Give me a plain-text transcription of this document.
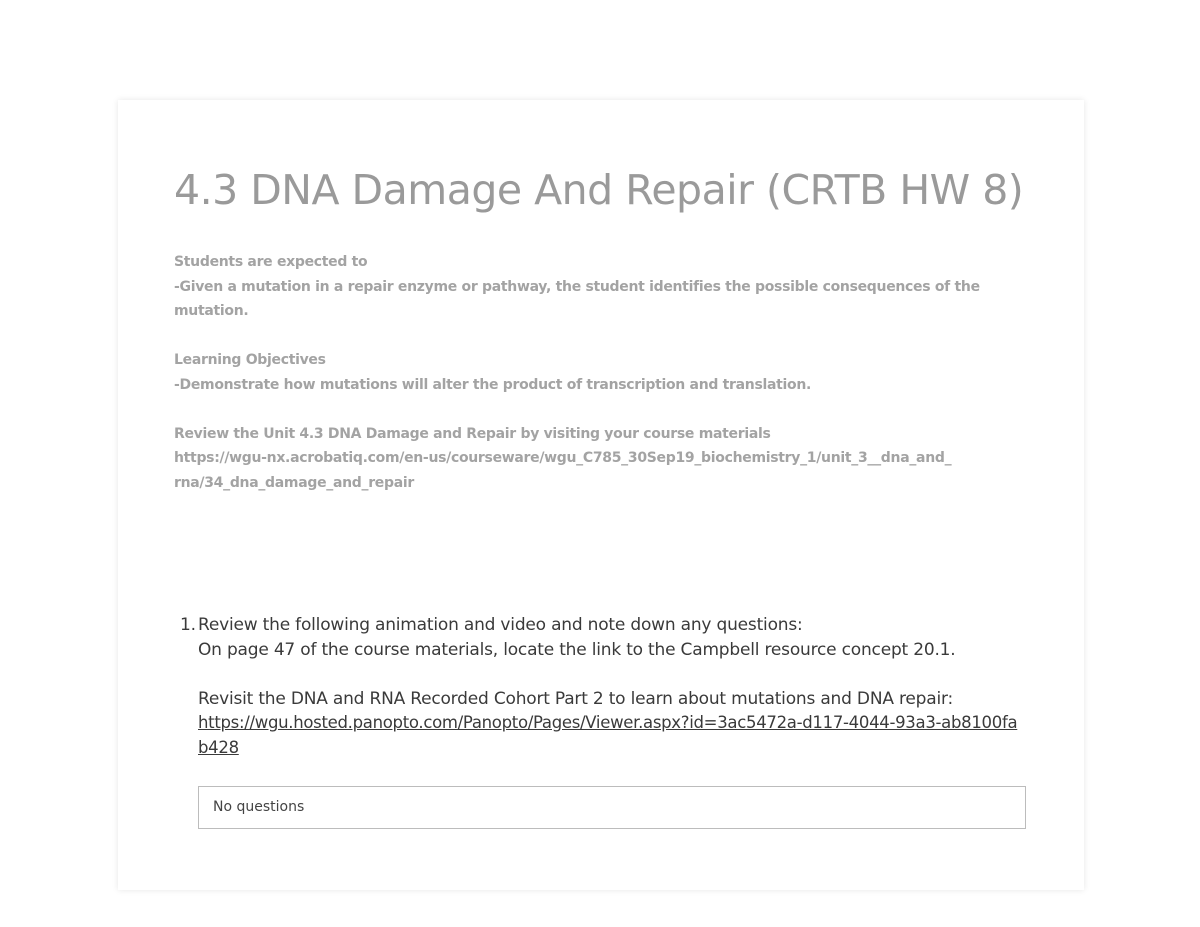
4.3 DNA Damage And Repair (CRTB HW 8)

Students are expected to

-Given a mutation in a repair enzyme or pathway, the student identifies the possible consequences of the mutation.

Learning Objectives

-Demonstrate how mutations will alter the product of transcription and translation.

Review the Unit 4.3 DNA Damage and Repair by visiting your course materials

https://wgu-nx.acrobatiq.com/en-us/courseware/wgu_C785_30Sep19_biochemistry_1/unit_3__dna_and_rna/34_dna_damage_and_repair

1. Review the following animation and video and note down any questions:

On page 47 of the course materials, locate the link to the Campbell resource concept 20.1.

Revisit the DNA and RNA Recorded Cohort Part 2 to learn about mutations and DNA repair:

https://wgu.hosted.panopto.com/Panopto/Pages/Viewer.aspx?id=3ac5472a-d117-4044-93a3-ab8100fab428
No questions
